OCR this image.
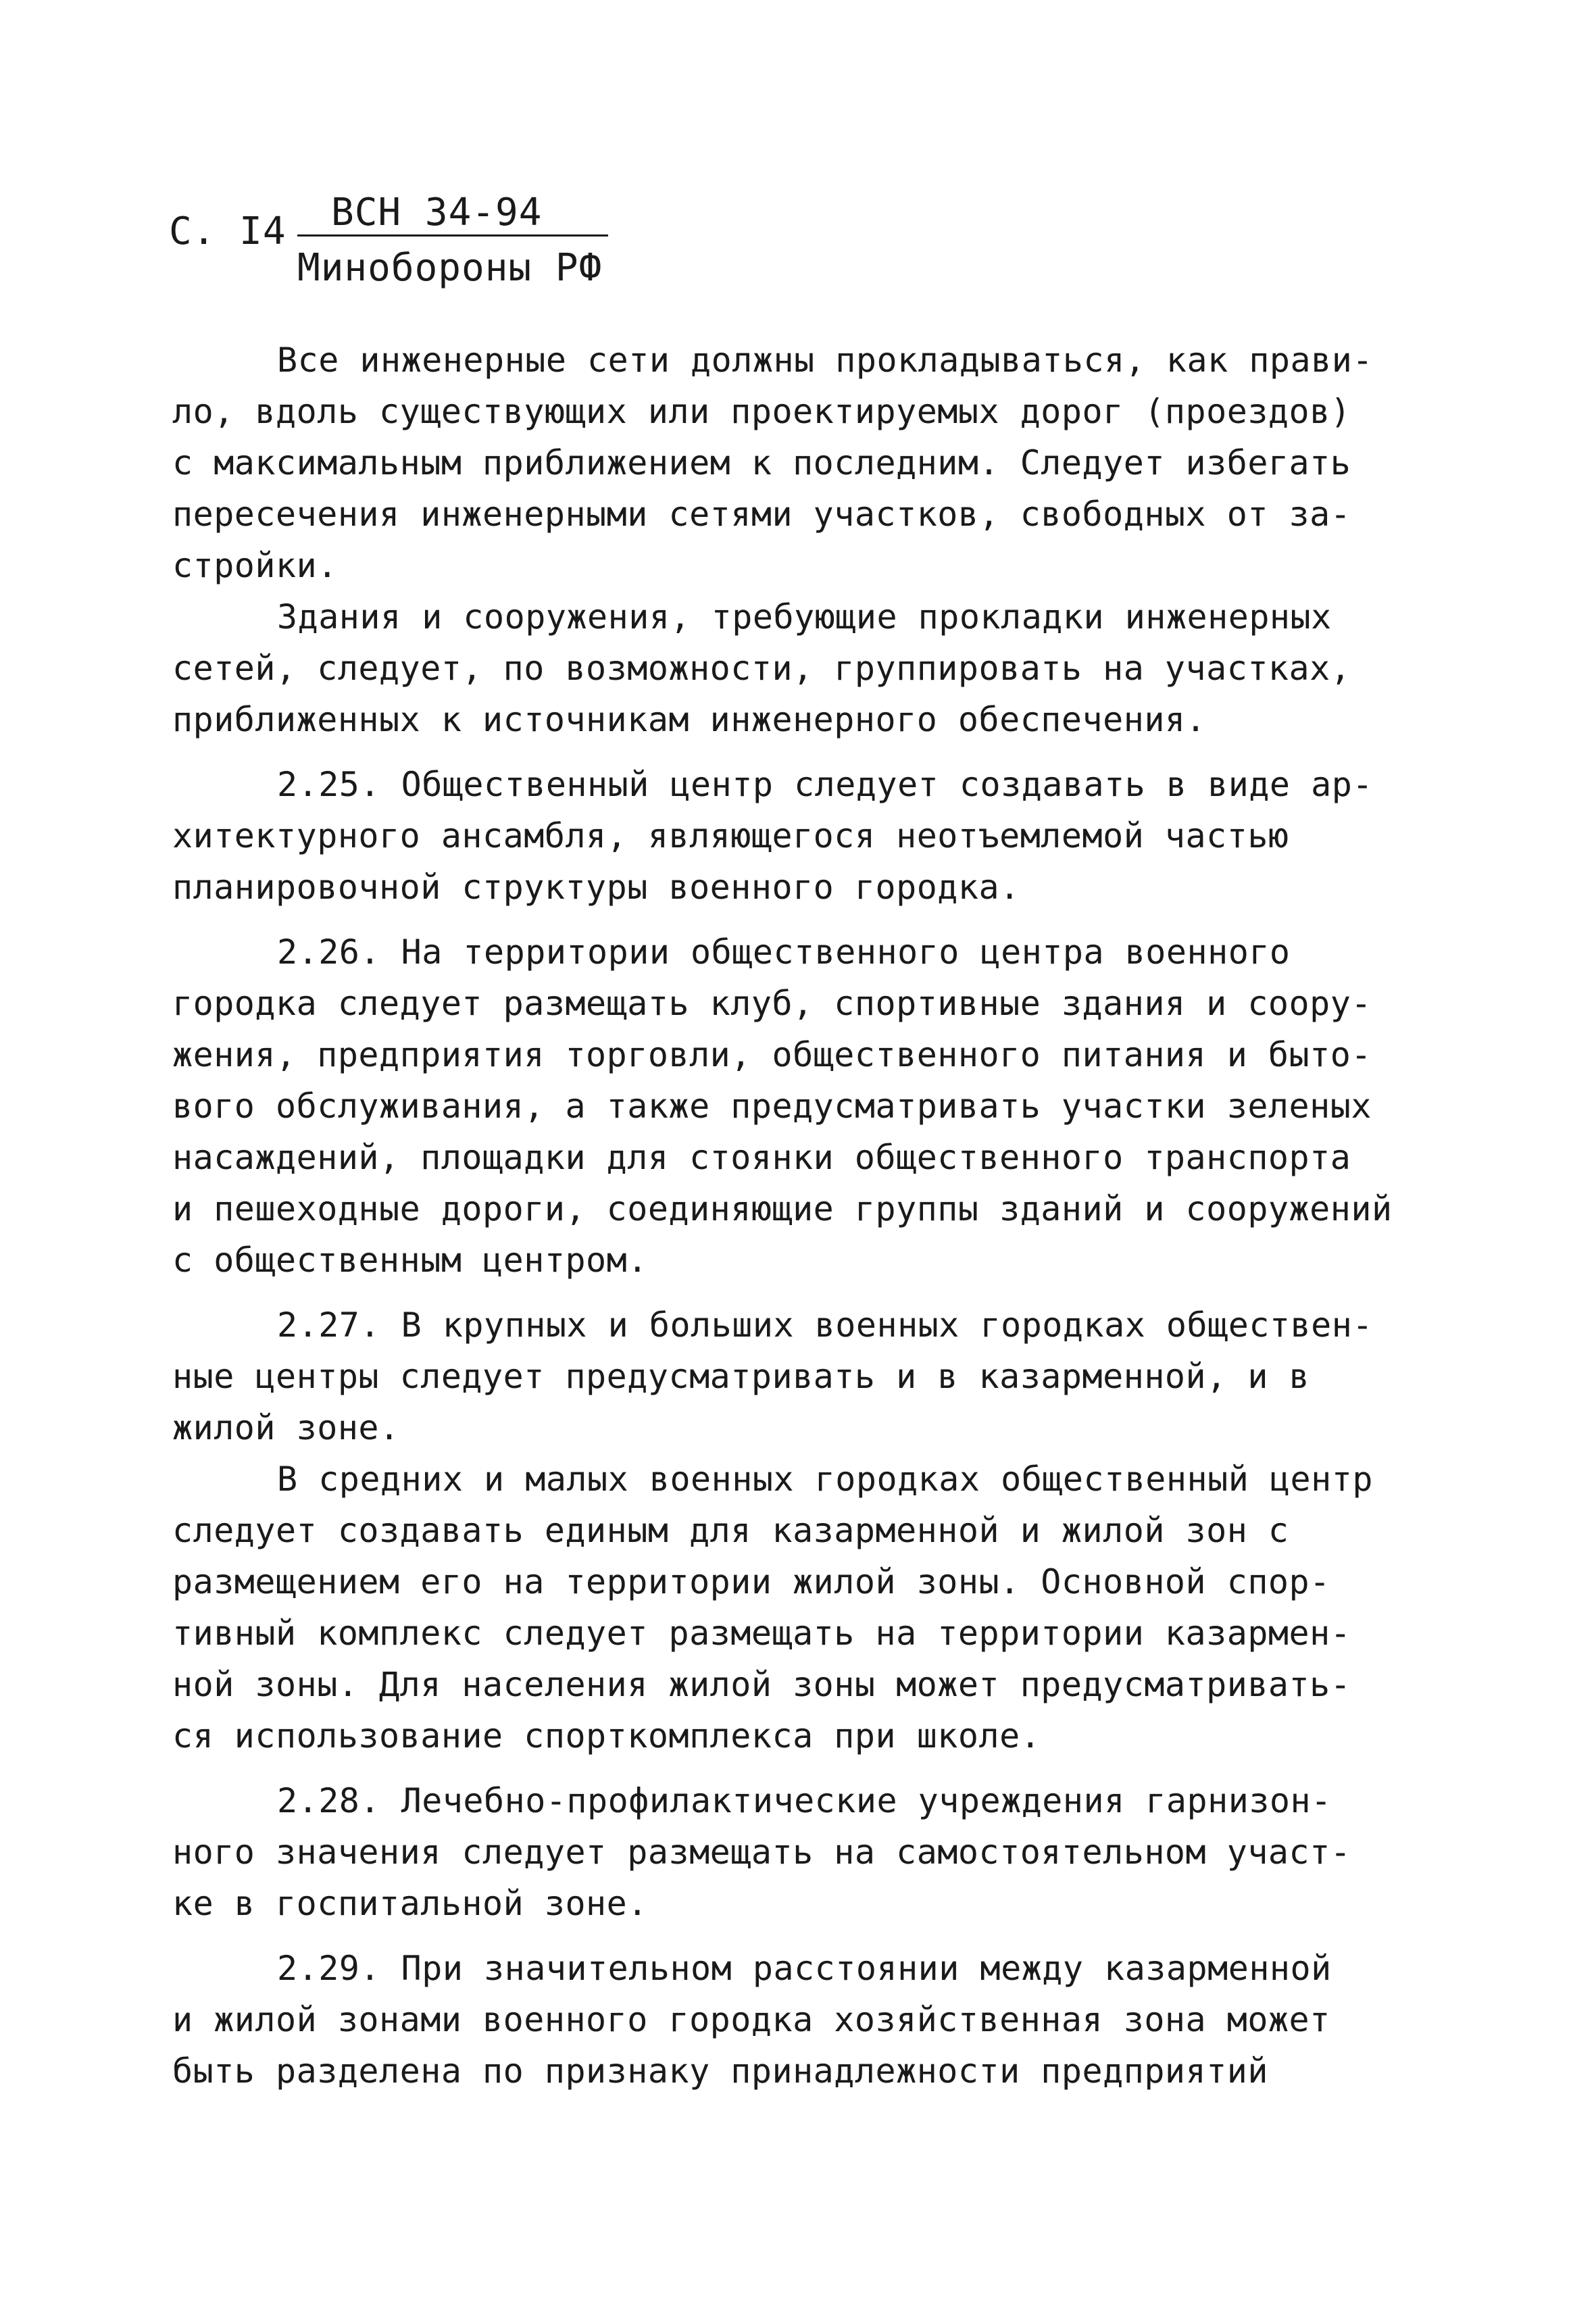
С. I4 ВСН 34-94
Минобороны РФ
Все инженерные сети должны прокладываться, как прави-
ло, вдоль существующих или проектируемых дорог (проездов)
с максимальным приближением к последним. Следует избегать
пересечения инженерными сетями участков, свободных от за-
стройки.
Здания и сооружения, требующие прокладки инженерных
сетей, следует, по возможности, группировать на участках,
приближенных к источникам инженерного обеспечения.
2.25. Общественный центр следует создавать в виде ар-
хитектурного ансамбля, являющегося неотъемлемой частью
планировочной структуры военного городка.
2.26. На территории общественного центра военного
городка следует размещать клуб, спортивные здания и соору-
жения, предприятия торговли, общественного питания и быто-
вого обслуживания, а также предусматривать участки зеленых
насаждений, площадки для стоянки общественного транспорта
и пешеходные дороги, соединяющие группы зданий и сооружений
с общественным центром.
2.27. В крупных и больших военных городках обществен-
ные центры следует предусматривать и в казарменной, и в
жилой зоне.
В средних и малых военных городках общественный центр
следует создавать единым для казарменной и жилой зон с
размещением его на территории жилой зоны. Основной спор-
тивный комплекс следует размещать на территории казармен-
ной зоны. Для населения жилой зоны может предусматривать-
ся использование спорткомплекса при школе.
2.28. Лечебно-профилактические учреждения гарнизон-
ного значения следует размещать на самостоятельном участ-
ке в госпитальной зоне.
2.29. При значительном расстоянии между казарменной
и жилой зонами военного городка хозяйственная зона может
быть разделена по признаку принадлежности предприятий
